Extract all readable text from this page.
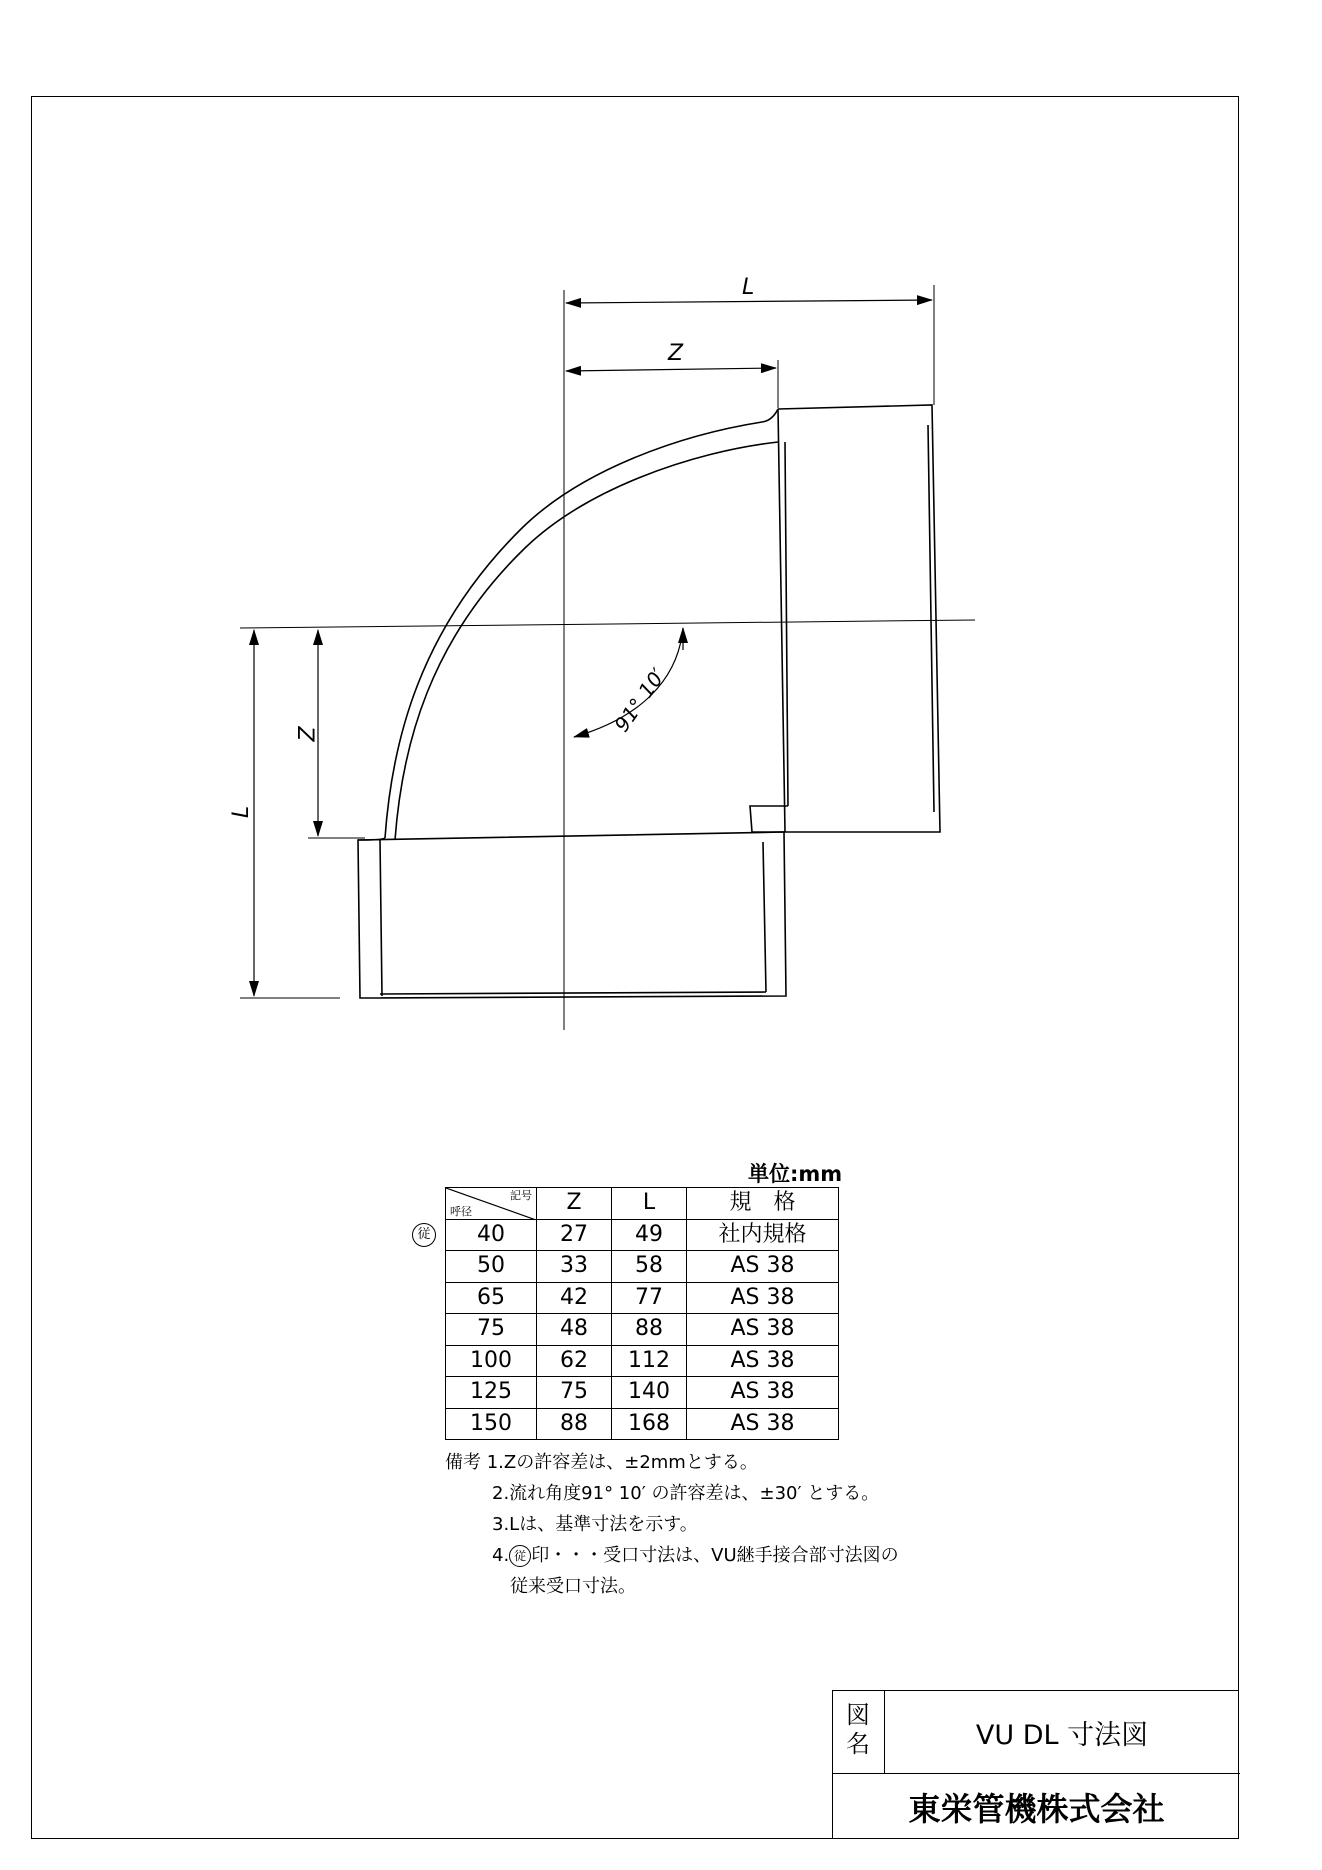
L
Z
L
Z	91° 10′
単位:mm
従
記号
呼径	Z	L	規　格
40	27	49	社内規格
50	33	58	AS 38
65	42	77	AS 38
75	48	88	AS 38
100	62	112	AS 38
125	75	140	AS 38
150	88	168	AS 38
備考 1.Zの許容差は、±2mmとする。
2.流れ角度91° 10′ の許容差は、±30′ とする。
3.Lは、基準寸法を示す。
4. 従 印・・・受口寸法は、VU継手接合部寸法図の
従来受口寸法。
図名	VU DL 寸法図
東栄管機株式会社
